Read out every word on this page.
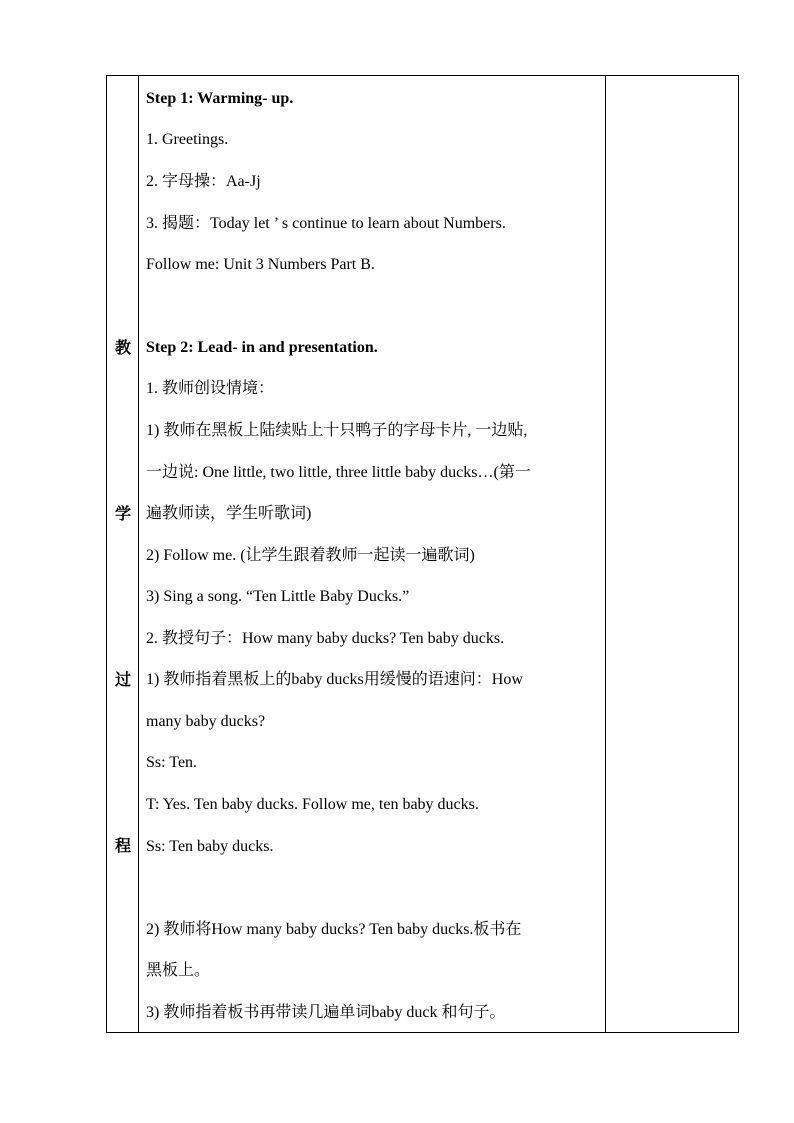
教
学
过
程
Step 1: Warming- up.
1. Greetings.
2. 字母操：Aa-Jj
3. 揭题：Today let ’ s continue to learn about Numbers.
Follow me: Unit 3 Numbers Part B.
Step 2: Lead- in and presentation.
1. 教师创设情境：
1) 教师在黑板上陆续贴上十只鸭子的字母卡片, 一边贴,
一边说: One little, two little, three little baby ducks…(第一
遍教师读，学生听歌词)
2) Follow me. (让学生跟着教师一起读一遍歌词)
3) Sing a song. “Ten Little Baby Ducks.”
2. 教授句子：How many baby ducks? Ten baby ducks.
1) 教师指着黑板上的baby ducks用缓慢的语速问：How
many baby ducks?
Ss: Ten.
T: Yes. Ten baby ducks. Follow me, ten baby ducks.
Ss: Ten baby ducks.
2) 教师将How many baby ducks? Ten baby ducks.板书在
黑板上。
3) 教师指着板书再带读几遍单词baby duck 和句子。
